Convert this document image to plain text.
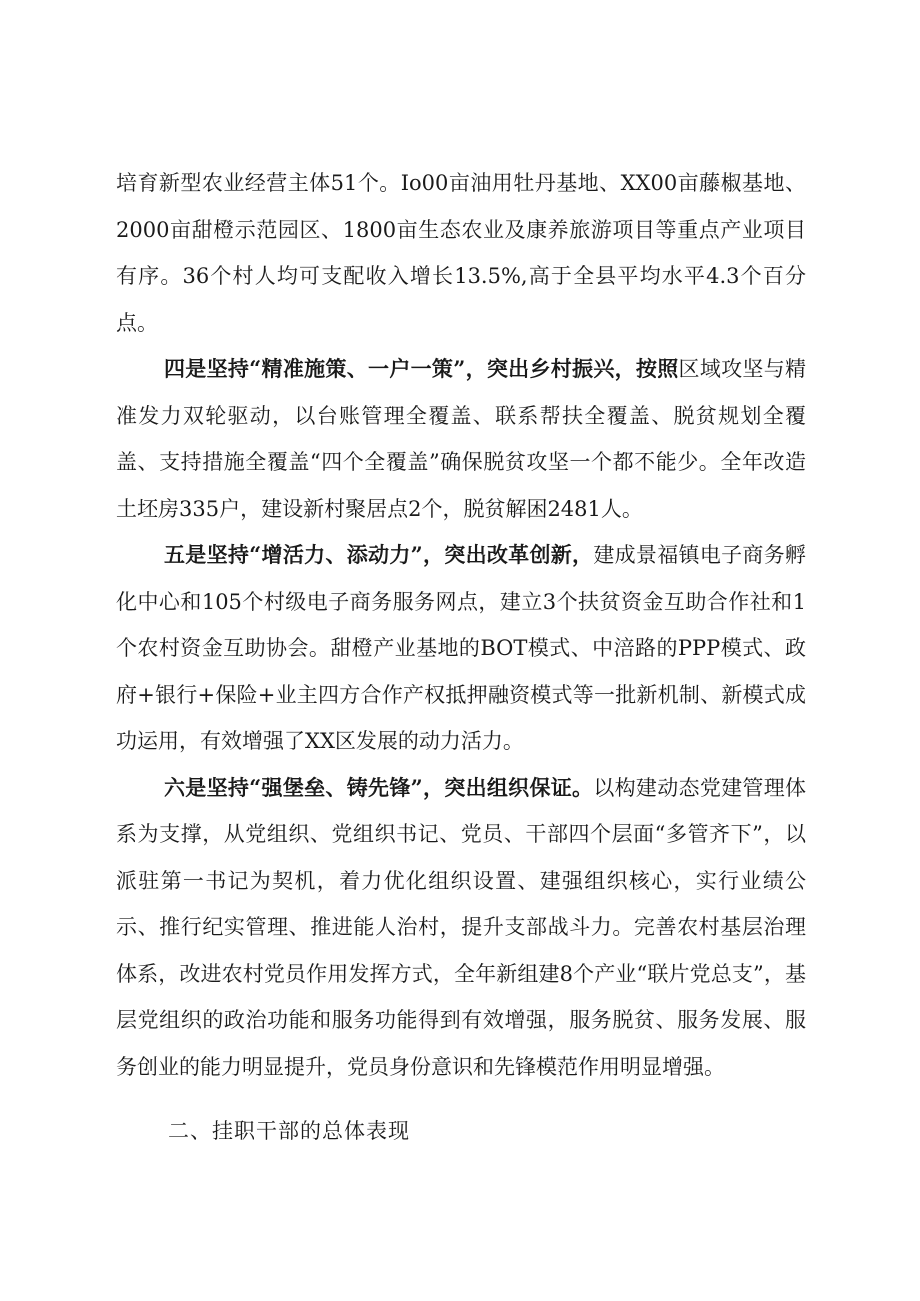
培育新型农业经营主体51个。Io00亩油用牡丹基地、XX00亩藤椒基地、2000亩甜橙示范园区、1800亩生态农业及康养旅游项目等重点产业项目有序。36个村人均可支配收入增长13.5%,高于全县平均水平4.3个百分点。

四是坚持“精准施策、一户一策”，突出乡村振兴，按照区域攻坚与精准发力双轮驱动，以台账管理全覆盖、联系帮扶全覆盖、脱贫规划全覆盖、支持措施全覆盖“四个全覆盖”确保脱贫攻坚一个都不能少。全年改造土坯房335户，建设新村聚居点2个，脱贫解困2481人。

五是坚持“增活力、添动力”，突出改革创新，建成景福镇电子商务孵化中心和105个村级电子商务服务网点，建立3个扶贫资金互助合作社和1个农村资金互助协会。甜橙产业基地的BOT模式、中涪路的PPP模式、政府+银行+保险+业主四方合作产权抵押融资模式等一批新机制、新模式成功运用，有效增强了XX区发展的动力活力。

六是坚持“强堡垒、铸先锋”，突出组织保证。以构建动态党建管理体系为支撑，从党组织、党组织书记、党员、干部四个层面“多管齐下”，以派驻第一书记为契机，着力优化组织设置、建强组织核心，实行业绩公示、推行纪实管理、推进能人治村，提升支部战斗力。完善农村基层治理体系，改进农村党员作用发挥方式，全年新组建8个产业“联片党总支”，基层党组织的政治功能和服务功能得到有效增强，服务脱贫、服务发展、服务创业的能力明显提升，党员身份意识和先锋模范作用明显增强。

二、挂职干部的总体表现
